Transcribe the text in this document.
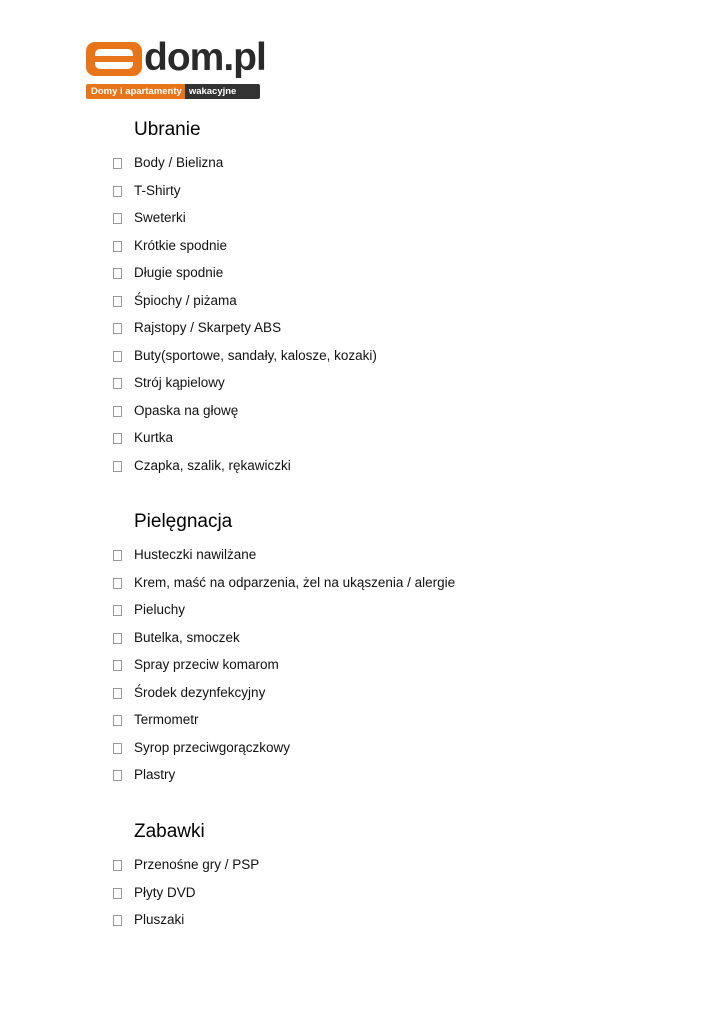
dom.pl
Domy i apartamenty wakacyjne
Ubranie
Body / Bielizna
T-Shirty
Sweterki
Krótkie spodnie
Długie spodnie
Śpiochy / piżama
Rajstopy / Skarpety ABS
Buty(sportowe, sandały, kalosze, kozaki)
Strój kąpielowy
Opaska na głowę
Kurtka
Czapka, szalik, rękawiczki
Pielęgnacja
Husteczki nawilżane
Krem, maść na odparzenia, żel na ukąszenia / alergie
Pieluchy
Butelka, smoczek
Spray przeciw komarom
Środek dezynfekcyjny
Termometr
Syrop przeciwgorączkowy
Plastry
Zabawki
Przenośne gry / PSP
Płyty DVD
Pluszaki
